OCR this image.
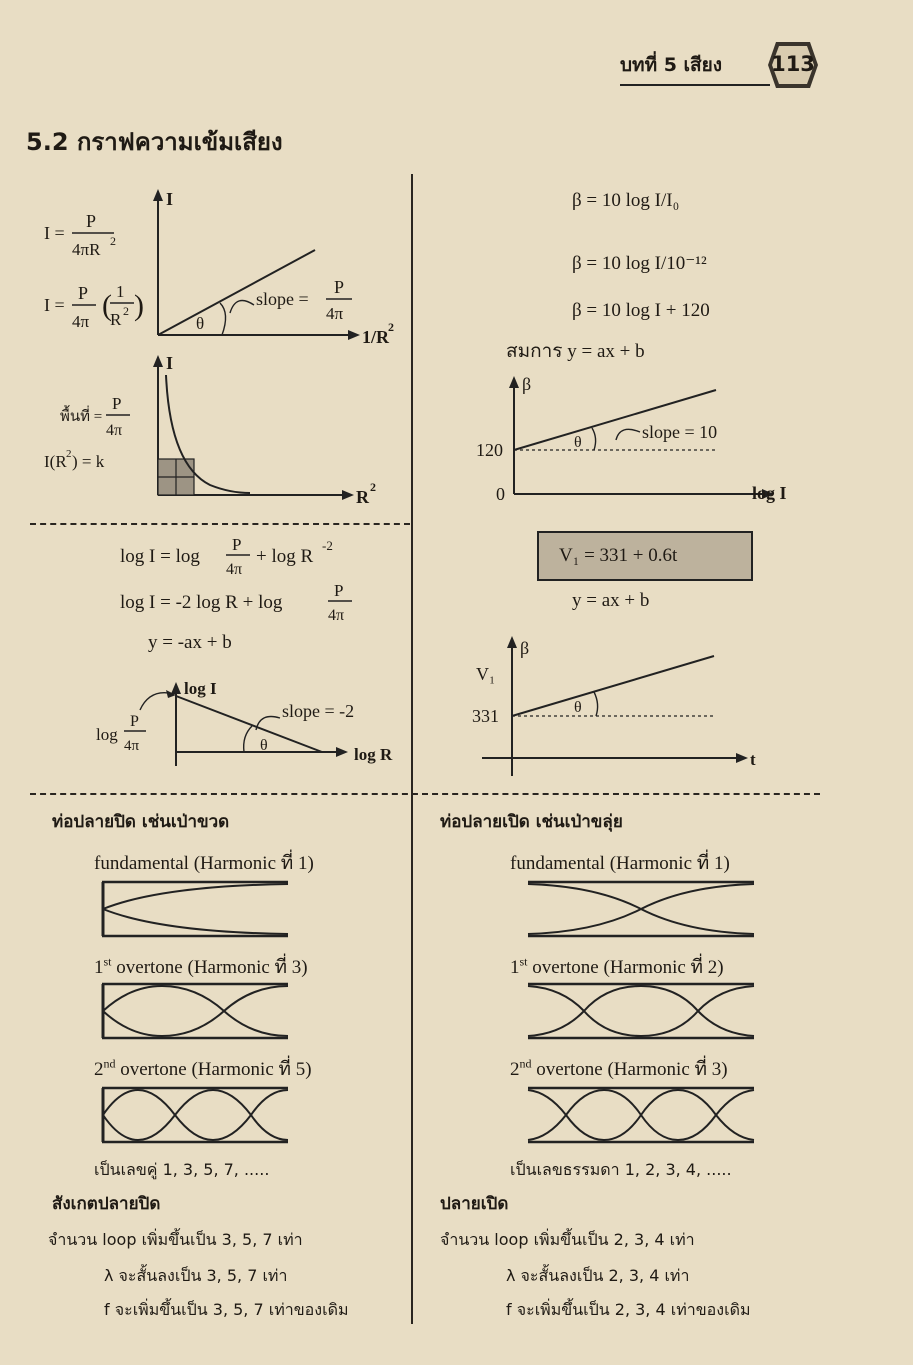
บทที่ 5 เสียง 113
5.2 กราฟความเข้มเสียง
I =
P
4πR 2
I =
P
4π ( 1
R 2 )
I
1/R 2
θ
slope =
P
4π
I
R 2
พื้นที่ =
P
4π
I(R 2 ) = k
β = 10 log I/I₀
β = 10 log I/10⁻¹²
β = 10 log I + 120
สมการ y = ax + b
β
θ
slope = 10
120
0	log I
log I = log
P
4π
+ log R
-2
log I = -2 log R + log
P
4π
y = -ax + b
log I
log R
log
P
4π	θ
slope = -2
V₁ = 331 + 0.6t
y = ax + b
β
V₁
t
θ
331
ท่อปลายปิด เช่นเป่าขวด
fundamental (Harmonic ที่ 1)
1st overtone (Harmonic ที่ 3)
2nd overtone (Harmonic ที่ 5)
เป็นเลขคู่ 1, 3, 5, 7, .....
สังเกตปลายปิด
จำนวน loop เพิ่มขึ้นเป็น 3, 5, 7 เท่า
λ จะสั้นลงเป็น 3, 5, 7 เท่า
f จะเพิ่มขึ้นเป็น 3, 5, 7 เท่าของเดิม
ท่อปลายเปิด เช่นเป่าขลุ่ย
fundamental (Harmonic ที่ 1)
1st overtone (Harmonic ที่ 2)
2nd overtone (Harmonic ที่ 3)
เป็นเลขธรรมดา 1, 2, 3, 4, .....
ปลายเปิด
จำนวน loop เพิ่มขึ้นเป็น 2, 3, 4 เท่า
λ จะสั้นลงเป็น 2, 3, 4 เท่า
f จะเพิ่มขึ้นเป็น 2, 3, 4 เท่าของเดิม
